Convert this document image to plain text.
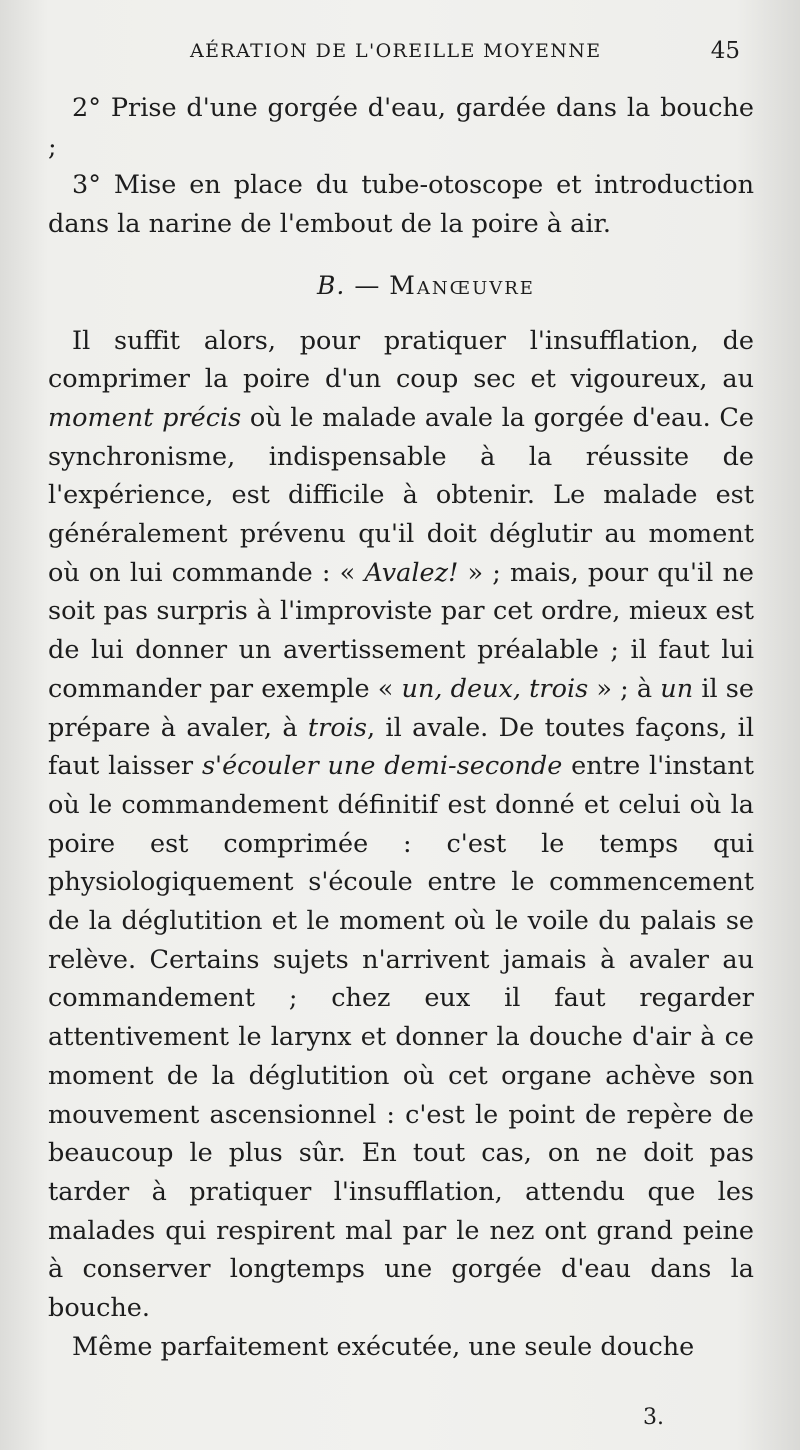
AÉRATION DE L'OREILLE MOYENNE	45

2° Prise d'une gorgée d'eau, gardée dans la bouche ;

3° Mise en place du tube-otoscope et introduction dans la narine de l'embout de la poire à air.

B. — Manœuvre

Il suffit alors, pour pratiquer l'insufflation, de comprimer la poire d'un coup sec et vigoureux, au moment précis où le malade avale la gorgée d'eau. Ce synchronisme, indispensable à la réussite de l'expérience, est difficile à obtenir. Le malade est généralement prévenu qu'il doit déglutir au moment où on lui commande : « Avalez! » ; mais, pour qu'il ne soit pas surpris à l'improviste par cet ordre, mieux est de lui donner un avertissement préalable ; il faut lui commander par exemple « un, deux, trois » ; à un il se prépare à avaler, à trois, il avale. De toutes façons, il faut laisser s'écouler une demi-seconde entre l'instant où le commandement définitif est donné et celui où la poire est comprimée : c'est le temps qui physiologiquement s'écoule entre le commencement de la déglutition et le moment où le voile du palais se relève. Certains sujets n'arrivent jamais à avaler au commandement ; chez eux il faut regarder attentivement le larynx et donner la douche d'air à ce moment de la déglutition où cet organe achève son mouvement ascensionnel : c'est le point de repère de beaucoup le plus sûr. En tout cas, on ne doit pas tarder à pratiquer l'insufflation, attendu que les malades qui respirent mal par le nez ont grand peine à conserver longtemps une gorgée d'eau dans la bouche.

Même parfaitement exécutée, une seule douche

3.
